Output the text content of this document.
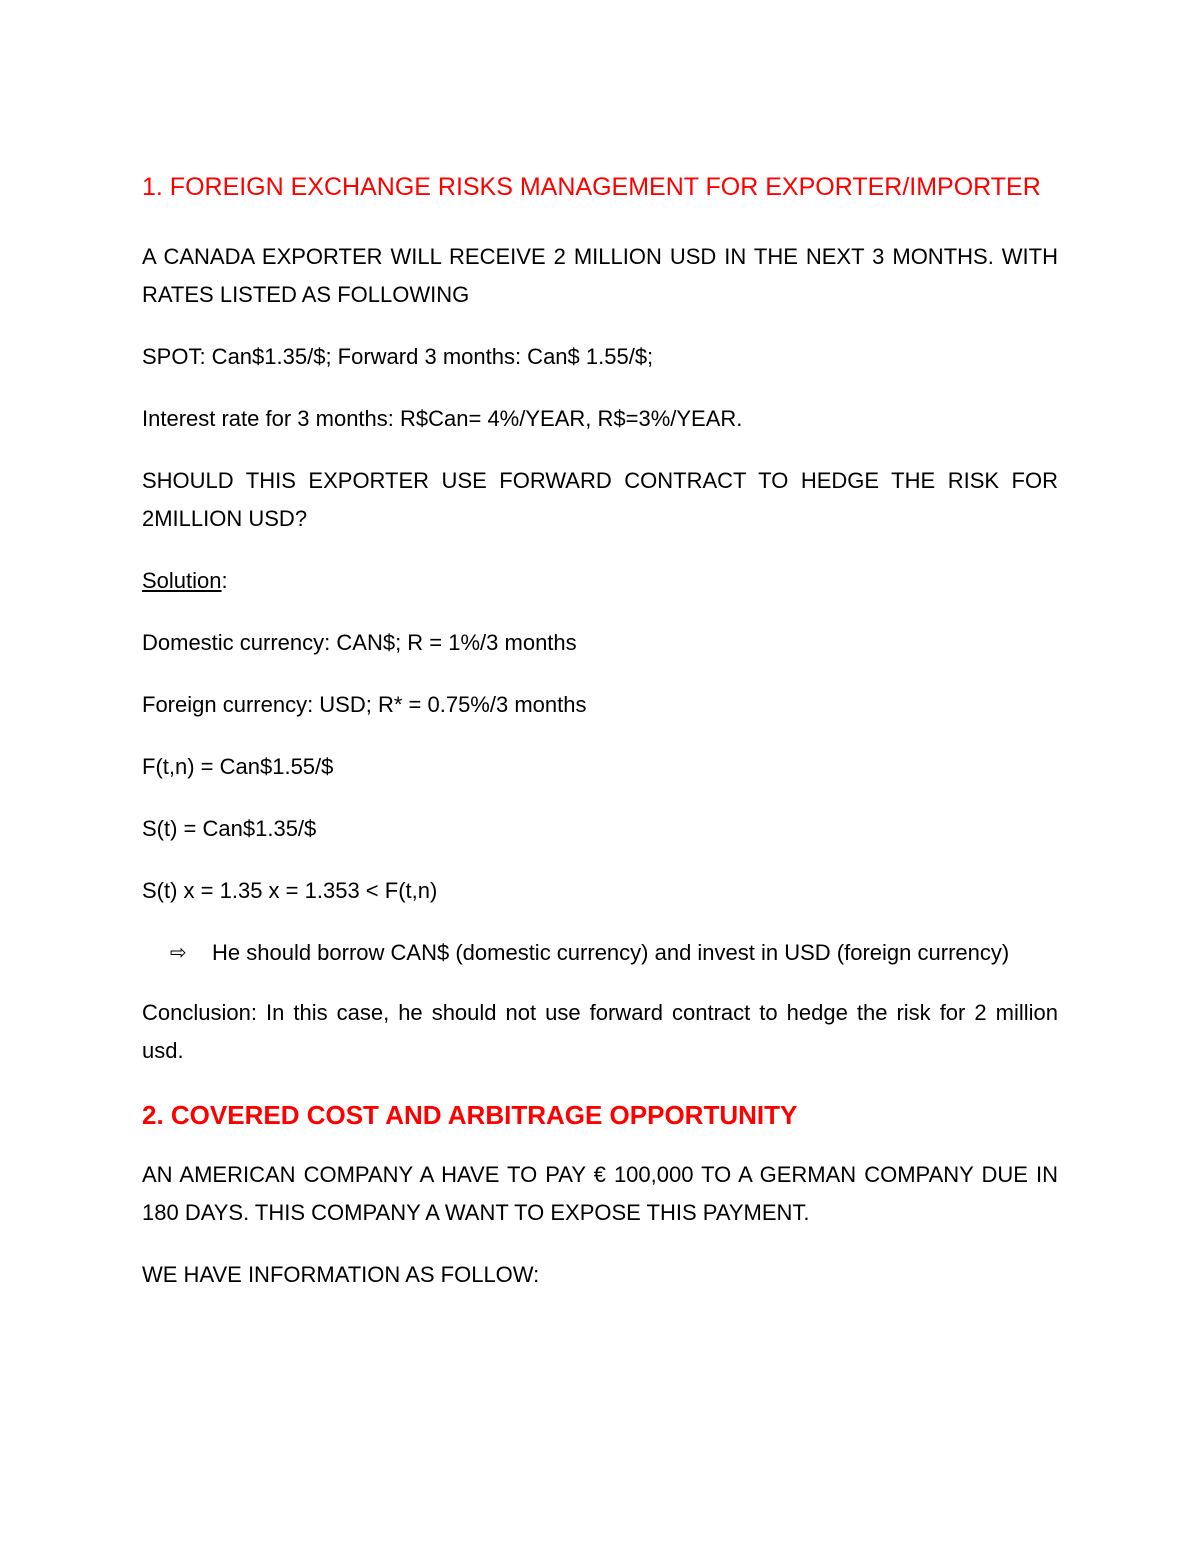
1. FOREIGN EXCHANGE RISKS MANAGEMENT FOR EXPORTER/IMPORTER

A CANADA EXPORTER WILL RECEIVE 2 MILLION USD IN THE NEXT 3 MONTHS. WITH RATES LISTED AS FOLLOWING

SPOT: Can$1.35/$; Forward 3 months: Can$ 1.55/$;

Interest rate for 3 months: R$Can= 4%/YEAR, R$=3%/YEAR.

SHOULD THIS EXPORTER USE FORWARD CONTRACT TO HEDGE THE RISK FOR 2MILLION USD?

Solution:

Domestic currency: CAN$; R = 1%/3 months

Foreign currency: USD; R* = 0.75%/3 months

F(t,n) = Can$1.55/$

S(t) = Can$1.35/$

S(t) x = 1.35 x = 1.353 < F(t,n)

⇨	He should borrow CAN$ (domestic currency) and invest in USD (foreign currency)

Conclusion: In this case, he should not use forward contract to hedge the risk for 2 million usd.

2. COVERED COST AND ARBITRAGE OPPORTUNITY

AN AMERICAN COMPANY A HAVE TO PAY € 100,000 TO A GERMAN COMPANY DUE IN 180 DAYS. THIS COMPANY A WANT TO EXPOSE THIS PAYMENT.

WE HAVE INFORMATION AS FOLLOW:
